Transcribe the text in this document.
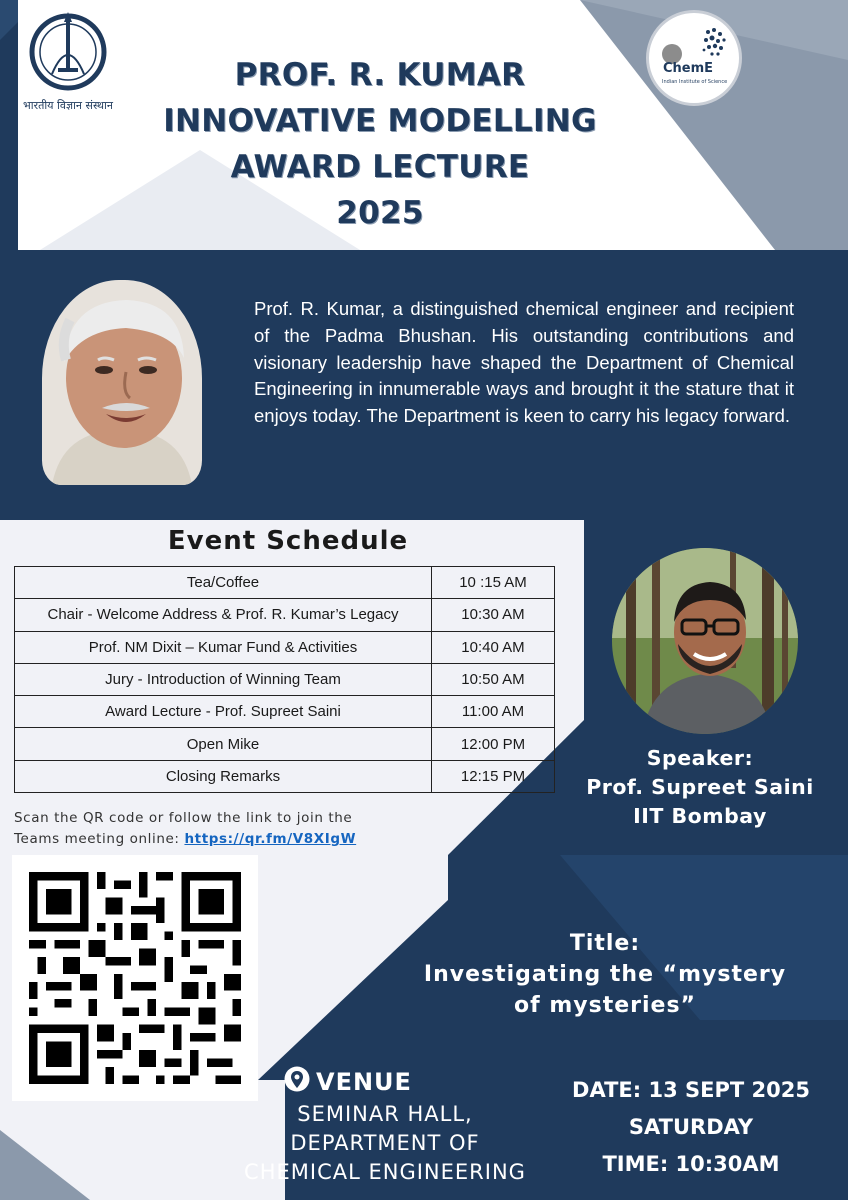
भारतीय विज्ञान संस्थान
ChemE
Indian Institute of Science
PROF. R. KUMAR
INNOVATIVE MODELLING
AWARD LECTURE
2025
Prof. R. Kumar, a distinguished chemical engineer and recipient of the Padma Bhushan. His outstanding contributions and visionary leadership have shaped the Department of Chemical Engineering in innumerable ways and brought it the stature that it enjoys today. The Department is keen to carry his legacy forward.
Event Schedule
Tea/Coffee	10 :15 AM
Chair - Welcome Address & Prof. R. Kumar’s Legacy	10:30 AM
Prof. NM Dixit – Kumar Fund & Activities	10:40 AM
Jury - Introduction of Winning Team	10:50 AM
Award Lecture - Prof. Supreet Saini	11:00 AM
Open Mike	12:00 PM
Closing Remarks	12:15 PM
Scan the QR code or follow the link to join the
Teams meeting online: https://qr.fm/V8XIgW
Speaker:
Prof. Supreet Saini
IIT Bombay
Title:
Investigating the “mystery
of mysteries”
VENUE
SEMINAR HALL,
DEPARTMENT OF
CHEMICAL ENGINEERING
DATE: 13 SEPT 2025
SATURDAY
TIME: 10:30AM
